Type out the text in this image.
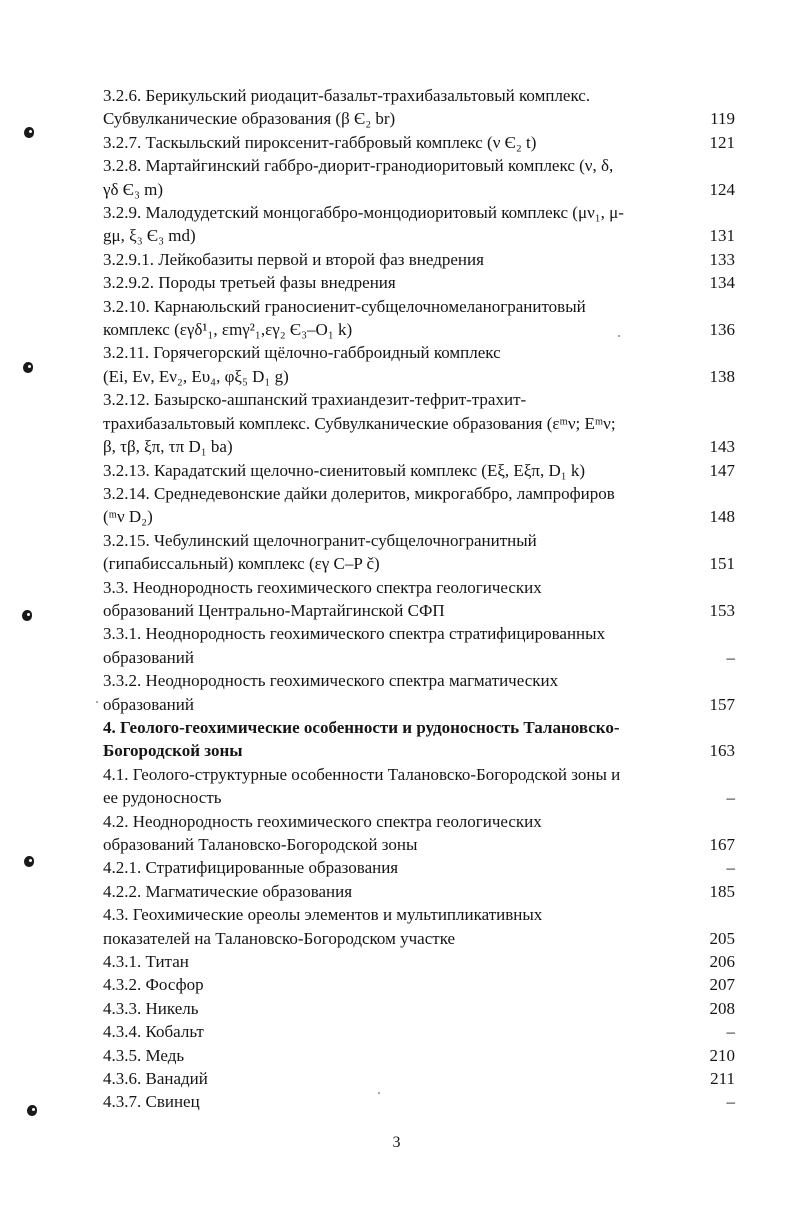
3.2.6. Берикульский риодацит-базальт-трахибазальтовый комплекс.
Субвулканические образования (β Є₂ br)	119
3.2.7. Таскыльский пироксенит-габбровый комплекс (ν Є₂ t)	121
3.2.8. Мартайгинский габбро-диорит-гранодиоритовый комплекс (ν, δ,
γδ Є₃ m)	124
3.2.9. Малодудетский монцогаббро-монцодиоритовый комплекс (μν₁, μ-
gμ, ξ₃ Є₃ md)	131
3.2.9.1. Лейкобазиты первой и второй фаз внедрения	133
3.2.9.2. Породы третьей фазы внедрения	134
3.2.10. Карнаюльский граносиенит-субщелочномеланогранитовый
комплекс (εγδ¹₁, εmγ²₁,εγ₂ Є₃–O₁ k)	136
3.2.11. Горячегорский щёлочно-габброидный комплекс
(Ei, Eν, Eν₂, Eυ₄, φξ₅ D₁ g)	138
3.2.12. Базырско-ашпанский трахиандезит-тефрит-трахит-
трахибазальтовый комплекс. Субвулканические образования (εᵐν; Eᵐν;
β, τβ, ξπ, τπ D₁ ba)	143
3.2.13. Карадатский щелочно-сиенитовый комплекс (Eξ, Eξπ, D₁ k)	147
3.2.14. Среднедевонские дайки долеритов, микрогаббро, лампрофиров
(ᵐν D₂)	148
3.2.15. Чебулинский щелочногранит-субщелочногранитный
(гипабиссальный) комплекс (εγ C–P č)	151
3.3. Неоднородность геохимического спектра геологических
образований Центрально-Мартайгинской СФП	153
3.3.1. Неоднородность геохимического спектра стратифицированных
образований	–
3.3.2. Неоднородность геохимического спектра магматических
образований	157
4. Геолого-геохимические особенности и рудоносность Талановско-
Богородской зоны	163
4.1. Геолого-структурные особенности Талановско-Богородской зоны и
ее рудоносность	–
4.2. Неоднородность геохимического спектра геологических
образований Талановско-Богородской зоны	167
4.2.1. Стратифицированные образования	–
4.2.2. Магматические образования	185
4.3. Геохимические ореолы элементов и мультипликативных
показателей на Талановско-Богородском участке	205
4.3.1. Титан	206
4.3.2. Фосфор	207
4.3.3. Никель	208
4.3.4. Кобальт	–
4.3.5. Медь	210
4.3.6. Ванадий	211
4.3.7. Свинец	–
3
